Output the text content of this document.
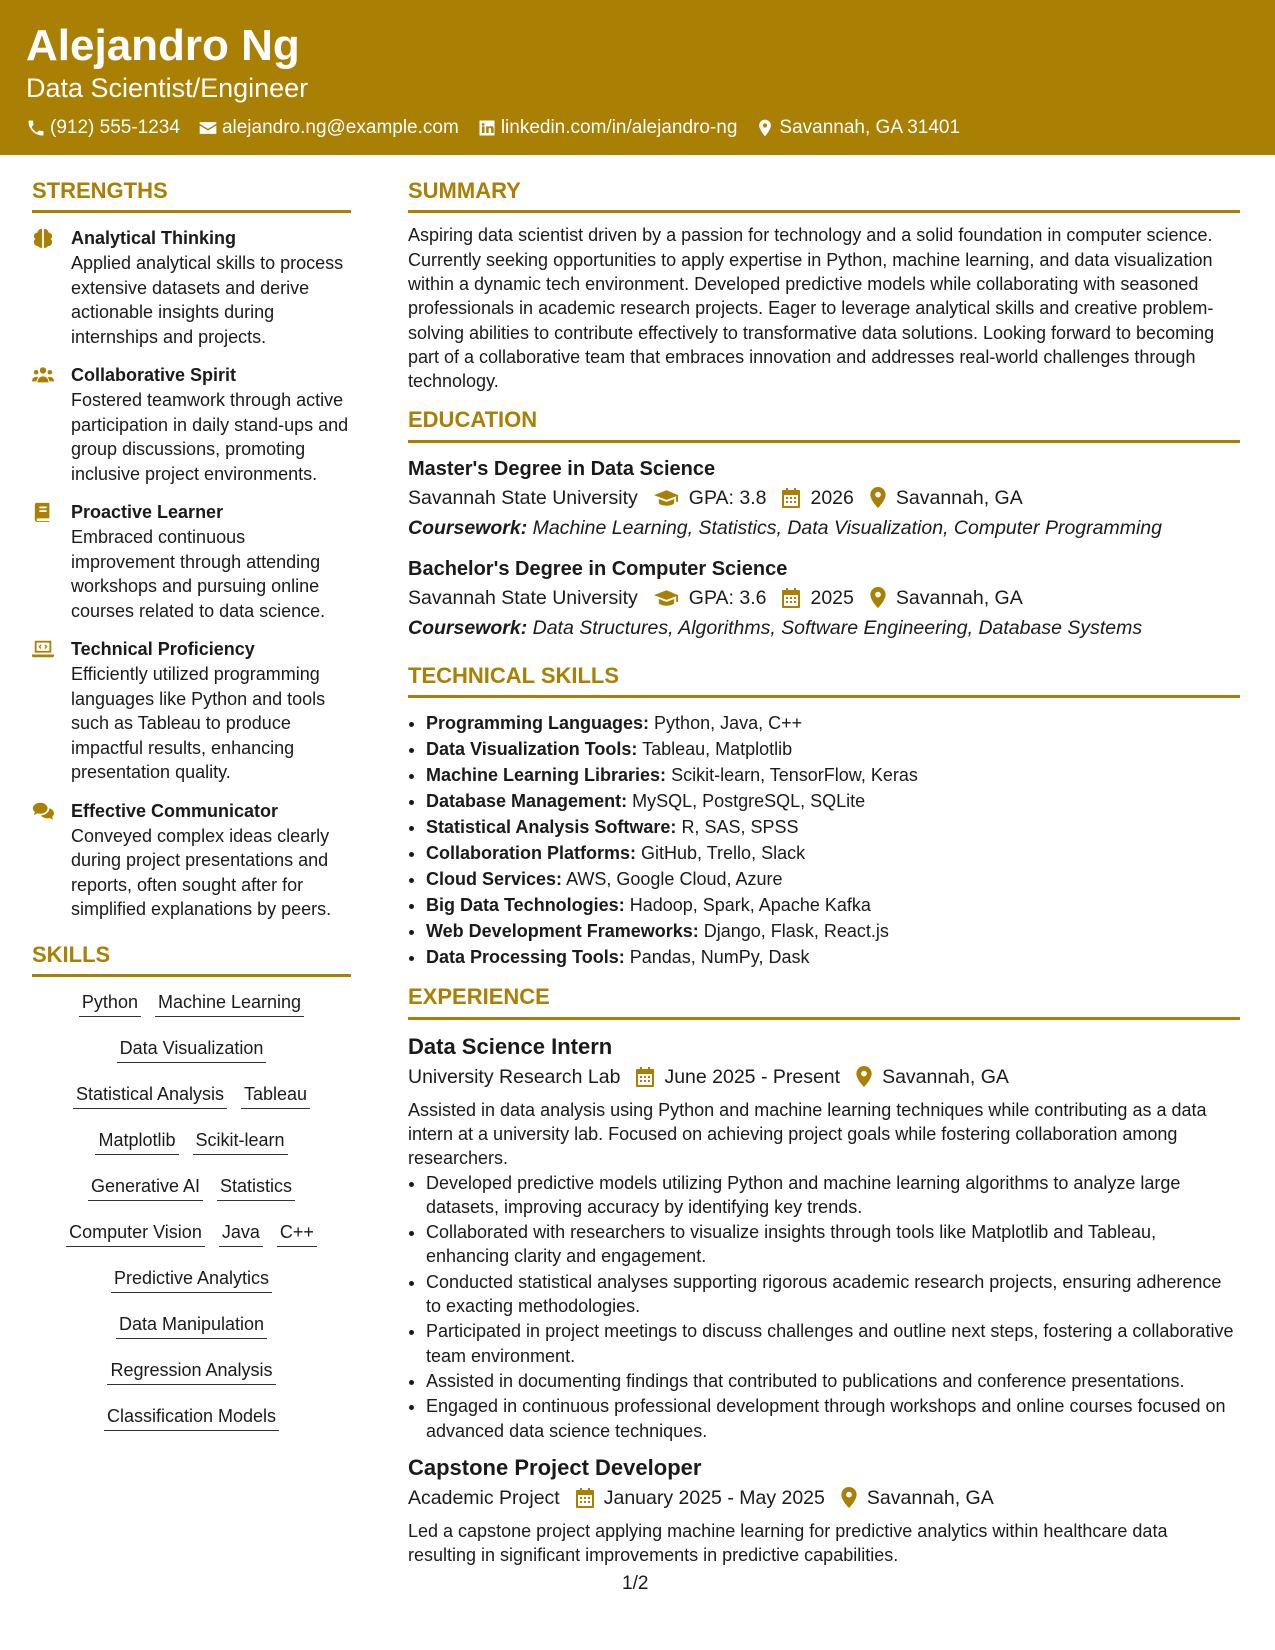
Alejandro Ng
Data Scientist/Engineer
(912) 555-1234 alejandro.ng@example.com linkedin.com/in/alejandro-ng Savannah, GA 31401
STRENGTHS
Analytical Thinking
Applied analytical skills to process extensive datasets and derive actionable insights during internships and projects.
Collaborative Spirit
Fostered teamwork through active participation in daily stand-ups and group discussions, promoting inclusive project environments.
Proactive Learner
Embraced continuous improvement through attending workshops and pursuing online courses related to data science.
Technical Proficiency
Efficiently utilized programming languages like Python and tools such as Tableau to produce impactful results, enhancing presentation quality.
Effective Communicator
Conveyed complex ideas clearly during project presentations and reports, often sought after for simplified explanations by peers.
SKILLS
Python Machine Learning
Data Visualization
Statistical Analysis Tableau
Matplotlib Scikit-learn
Generative AI Statistics
Computer Vision Java C++
Predictive Analytics
Data Manipulation
Regression Analysis
Classification Models
SUMMARY
Aspiring data scientist driven by a passion for technology and a solid foundation in computer science. Currently seeking opportunities to apply expertise in Python, machine learning, and data visualization within a dynamic tech environment. Developed predictive models while collaborating with seasoned professionals in academic research projects. Eager to leverage analytical skills and creative problem-solving abilities to contribute effectively to transformative data solutions. Looking forward to becoming part of a collaborative team that embraces innovation and addresses real-world challenges through technology.
EDUCATION
Master's Degree in Data Science
Savannah State University	GPA: 3.8 2026 Savannah, GA
Coursework: Machine Learning, Statistics, Data Visualization, Computer Programming
Bachelor's Degree in Computer Science
Savannah State University	GPA: 3.6 2025 Savannah, GA
Coursework: Data Structures, Algorithms, Software Engineering, Database Systems
TECHNICAL SKILLS
• Programming Languages: Python, Java, C++
• Data Visualization Tools: Tableau, Matplotlib
• Machine Learning Libraries: Scikit-learn, TensorFlow, Keras
• Database Management: MySQL, PostgreSQL, SQLite
• Statistical Analysis Software: R, SAS, SPSS
• Collaboration Platforms: GitHub, Trello, Slack
• Cloud Services: AWS, Google Cloud, Azure
• Big Data Technologies: Hadoop, Spark, Apache Kafka
• Web Development Frameworks: Django, Flask, React.js
• Data Processing Tools: Pandas, NumPy, Dask
EXPERIENCE
Data Science Intern
University Research Lab June 2025 - Present Savannah, GA
Assisted in data analysis using Python and machine learning techniques while contributing as a data intern at a university lab. Focused on achieving project goals while fostering collaboration among researchers.
• Developed predictive models utilizing Python and machine learning algorithms to analyze large datasets, improving accuracy by identifying key trends.
• Collaborated with researchers to visualize insights through tools like Matplotlib and Tableau, enhancing clarity and engagement.
• Conducted statistical analyses supporting rigorous academic research projects, ensuring adherence to exacting methodologies.
• Participated in project meetings to discuss challenges and outline next steps, fostering a collaborative team environment.
• Assisted in documenting findings that contributed to publications and conference presentations.
• Engaged in continuous professional development through workshops and online courses focused on advanced data science techniques.
Capstone Project Developer
Academic Project January 2025 - May 2025 Savannah, GA
Led a capstone project applying machine learning for predictive analytics within healthcare data resulting in significant improvements in predictive capabilities.
1/2
